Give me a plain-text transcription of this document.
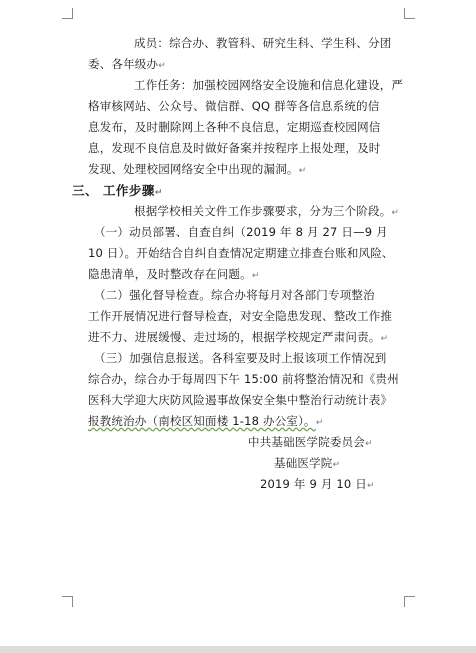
成员：综合办、教管科、研究生科、学生科、分团
委、各年级办↵
工作任务：加强校园网络安全设施和信息化建设，严
格审核网站、公众号、微信群、QQ 群等各信息系统的信
息发布，及时删除网上各种不良信息，定期巡查校园网信
息，发现不良信息及时做好备案并按程序上报处理，及时
发现、处理校园网络安全中出现的漏洞。↵
三、 工作步骤↵
根据学校相关文件工作步骤要求，分为三个阶段。↵
（一）动员部署、自查自纠（2019 年 8 月 27 日—9 月
10 日）。开始结合自纠自查情况定期建立排查台账和风险、
隐患清单，及时整改存在问题。↵
（二）强化督导检查。综合办将每月对各部门专项整治
工作开展情况进行督导检查，对安全隐患发现、整改工作推
进不力、进展缓慢、走过场的，根据学校规定严肃问责。↵
（三）加强信息报送。各科室要及时上报该项工作情况到
综合办，综合办于每周四下午 15:00 前将整治情况和《贵州
医科大学迎大庆防风险遏事故保安全集中整治行动统计表》
报教统治办（南校区知面楼 1-18 办公室）。↵
中共基础医学院委员会↵
基础医学院↵
2019 年 9 月 10 日↵
